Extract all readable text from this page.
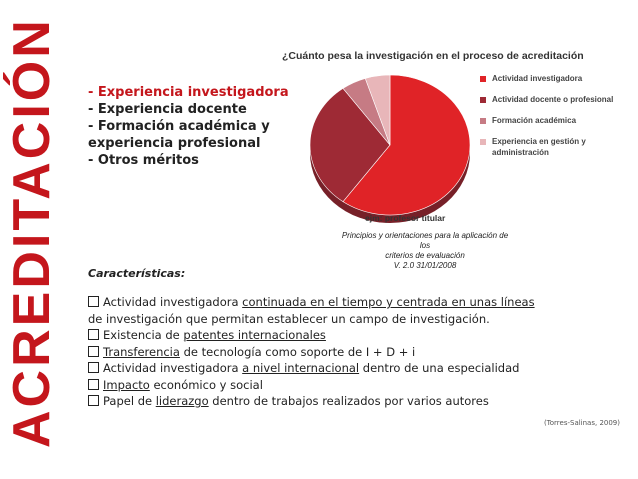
ACREDITACIÓN - Experiencia investigadora
- Experiencia docente
- Formación académica y experiencia profesional
- Otros méritos
¿Cuánto pesa la investigación en el proceso de acreditación
Actividad investigadora
Actividad docente o profesional
Formación académica
Experiencia en gestión y administración
ejm: profesor titular
Principios y orientaciones para la aplicación de los
criterios de evaluación
V. 2.0 31/01/2008
Características:
Actividad investigadora continuada en el tiempo y centrada en unas líneas
de investigación que permitan establecer un campo de investigación.
Existencia de patentes internacionales
Transferencia de tecnología como soporte de I + D + i
Actividad investigadora a nivel internacional dentro de una especialidad
Impacto económico y social
Papel de liderazgo dentro de trabajos realizados por varios autores
(Torres-Salinas, 2009)
